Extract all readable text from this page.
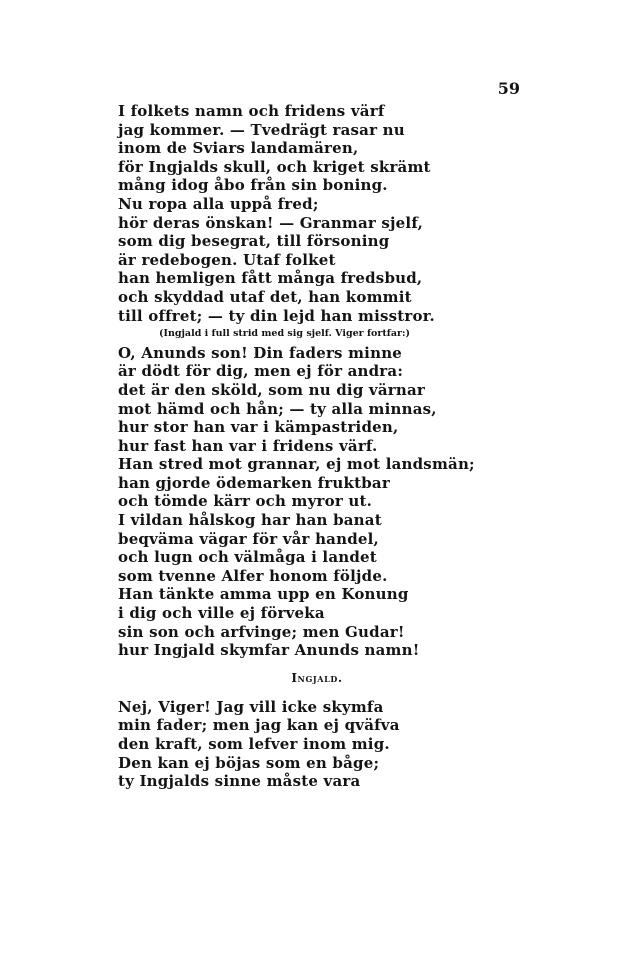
59
I folkets namn och fridens värf
jag kommer. — Tvedrägt rasar nu
inom de Sviars landamären,
för Ingjalds skull, och kriget skrämt
mång idog åbo från sin boning.
Nu ropa alla uppå fred;
hör deras önskan! — Granmar sjelf,
som dig besegrat, till försoning
är redebogen. Utaf folket
han hemligen fått många fredsbud,
och skyddad utaf det, han kommit
till offret; — ty din lejd han misstror.
(Ingjald i full strid med sig sjelf. Viger fortfar:)
O, Anunds son! Din faders minne
är dödt för dig, men ej för andra:
det är den sköld, som nu dig värnar
mot hämd och hån; — ty alla minnas,
hur stor han var i kämpastriden,
hur fast han var i fridens värf.
Han stred mot grannar, ej mot landsmän;
han gjorde ödemarken fruktbar
och tömde kärr och myror ut.
I vildan hålskog har han banat
beqväma vägar för vår handel,
och lugn och välmåga i landet
som tvenne Alfer honom följde.
Han tänkte amma upp en Konung
i dig och ville ej förveka
sin son och arfvinge; men Gudar!
hur Ingjald skymfar Anunds namn!
Ingjald.
Nej, Viger! Jag vill icke skymfa
min fader; men jag kan ej qväfva
den kraft, som lefver inom mig.
Den kan ej böjas som en båge;
ty Ingjalds sinne måste vara
